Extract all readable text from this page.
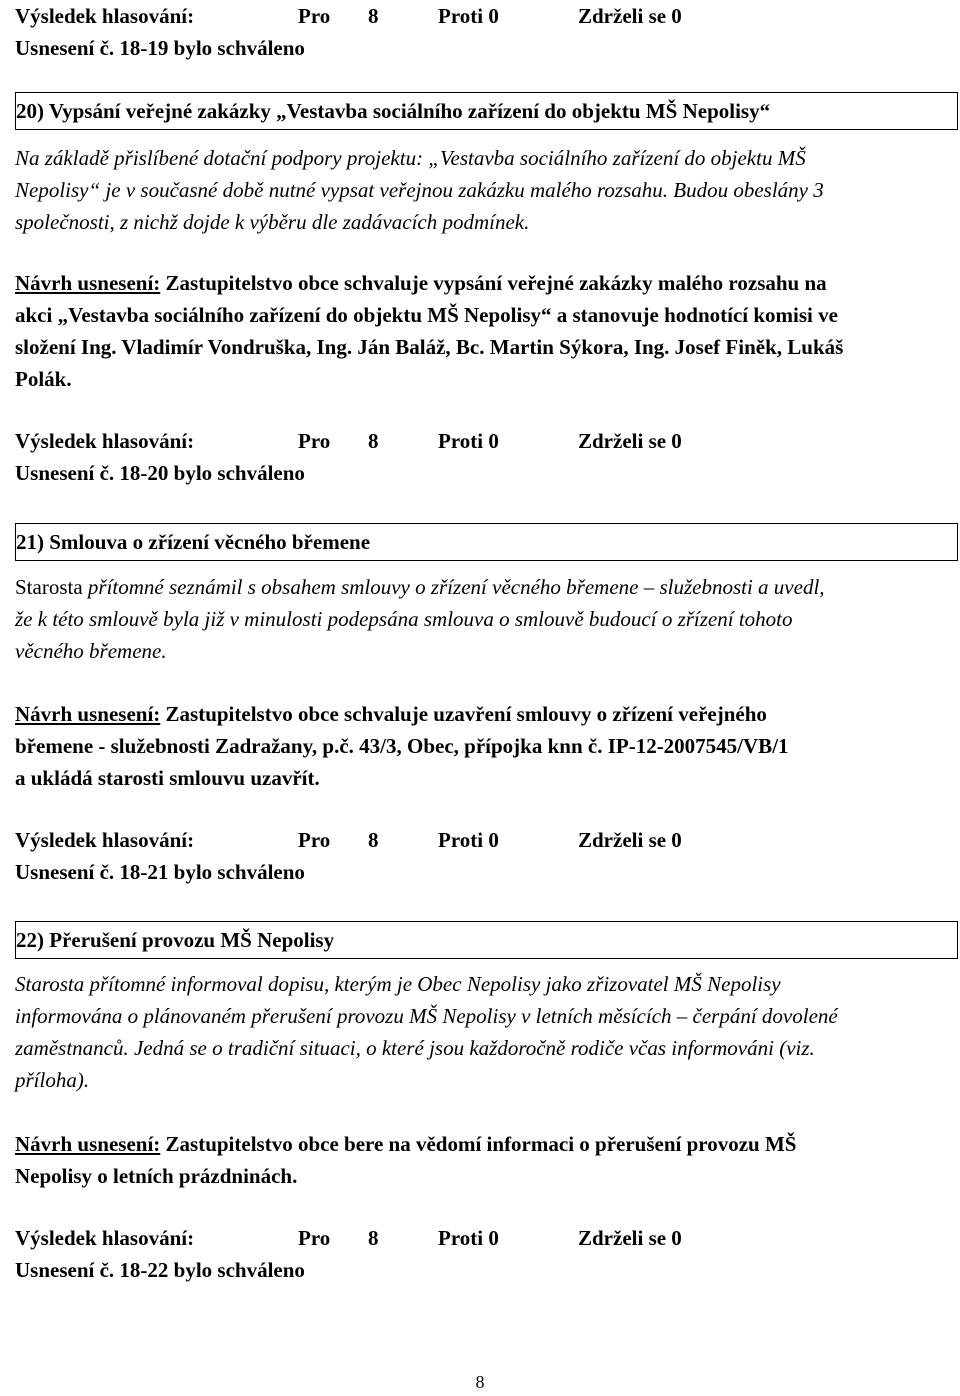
Výsledek hlasování:	Pro	8	Proti 0	Zdrželi se 0
Usnesení č. 18-19 bylo schváleno
20) Vypsání veřejné zakázky „Vestavba sociálního zařízení do objektu MŠ Nepolisy“
Na základě přislíbené dotační podpory projektu: „Vestavba sociálního zařízení do objektu MŠ
Nepolisy“ je v současné době nutné vypsat veřejnou zakázku malého rozsahu. Budou obeslány 3
společnosti, z nichž dojde k výběru dle zadávacích podmínek.
Návrh usnesení: Zastupitelstvo obce schvaluje vypsání veřejné zakázky malého rozsahu na
akci „Vestavba sociálního zařízení do objektu MŠ Nepolisy“ a stanovuje hodnotící komisi ve
složení Ing. Vladimír Vondruška, Ing. Ján Baláž, Bc. Martin Sýkora, Ing. Josef Finěk, Lukáš
Polák.
Výsledek hlasování:	Pro	8	Proti 0	Zdrželi se 0
Usnesení č. 18-20 bylo schváleno
21) Smlouva o zřízení věcného břemene
Starosta přítomné seznámil s obsahem smlouvy o zřízení věcného břemene – služebnosti a uvedl,
že k této smlouvě byla již v minulosti podepsána smlouva o smlouvě budoucí o zřízení tohoto
věcného břemene.
Návrh usnesení: Zastupitelstvo obce schvaluje uzavření smlouvy o zřízení veřejného
břemene - služebnosti Zadražany, p.č. 43/3, Obec, přípojka knn č. IP-12-2007545/VB/1
a ukládá starosti smlouvu uzavřít.
Výsledek hlasování:	Pro	8	Proti 0	Zdrželi se 0
Usnesení č. 18-21 bylo schváleno
22) Přerušení provozu MŠ Nepolisy
Starosta přítomné informoval dopisu, kterým je Obec Nepolisy jako zřizovatel MŠ Nepolisy
informována o plánovaném přerušení provozu MŠ Nepolisy v letních měsících – čerpání dovolené
zaměstnanců. Jedná se o tradiční situaci, o které jsou každoročně rodiče včas informováni (viz.
příloha).
Návrh usnesení: Zastupitelstvo obce bere na vědomí informaci o přerušení provozu MŠ
Nepolisy o letních prázdninách.
Výsledek hlasování:	Pro	8	Proti 0	Zdrželi se 0
Usnesení č. 18-22 bylo schváleno
8
